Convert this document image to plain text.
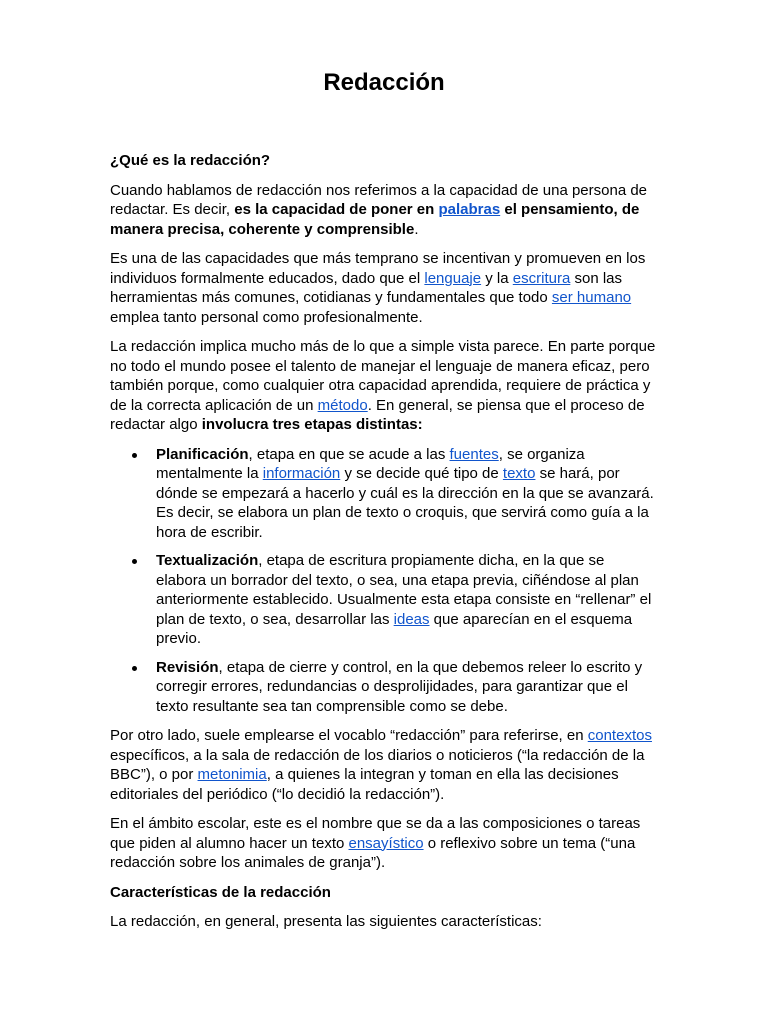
Redacción
¿Qué es la redacción?

Cuando hablamos de redacción nos referimos a la capacidad de una persona de redactar. Es decir, es la capacidad de poner en palabras el pensamiento, de manera precisa, coherente y comprensible.

Es una de las capacidades que más temprano se incentivan y promueven en los individuos formalmente educados, dado que el lenguaje y la escritura son las herramientas más comunes, cotidianas y fundamentales que todo ser humano emplea tanto personal como profesionalmente.

La redacción implica mucho más de lo que a simple vista parece. En parte porque no todo el mundo posee el talento de manejar el lenguaje de manera eficaz, pero también porque, como cualquier otra capacidad aprendida, requiere de práctica y de la correcta aplicación de un método. En general, se piensa que el proceso de redactar algo involucra tres etapas distintas:

Planificación, etapa en que se acude a las fuentes, se organiza mentalmente la información y se decide qué tipo de texto se hará, por dónde se empezará a hacerlo y cuál es la dirección en la que se avanzará. Es decir, se elabora un plan de texto o croquis, que servirá como guía a la hora de escribir.
Textualización, etapa de escritura propiamente dicha, en la que se elabora un borrador del texto, o sea, una etapa previa, ciñéndose al plan anteriormente establecido. Usualmente esta etapa consiste en “rellenar” el plan de texto, o sea, desarrollar las ideas que aparecían en el esquema previo.
Revisión, etapa de cierre y control, en la que debemos releer lo escrito y corregir errores, redundancias o desprolijidades, para garantizar que el texto resultante sea tan comprensible como se debe.

Por otro lado, suele emplearse el vocablo “redacción” para referirse, en contextos específicos, a la sala de redacción de los diarios o noticieros (“la redacción de la BBC”), o por metonimia, a quienes la integran y toman en ella las decisiones editoriales del periódico (“lo decidió la redacción”).

En el ámbito escolar, este es el nombre que se da a las composiciones o tareas que piden al alumno hacer un texto ensayístico o reflexivo sobre un tema (“una redacción sobre los animales de granja”).

Características de la redacción

La redacción, en general, presenta las siguientes características:
